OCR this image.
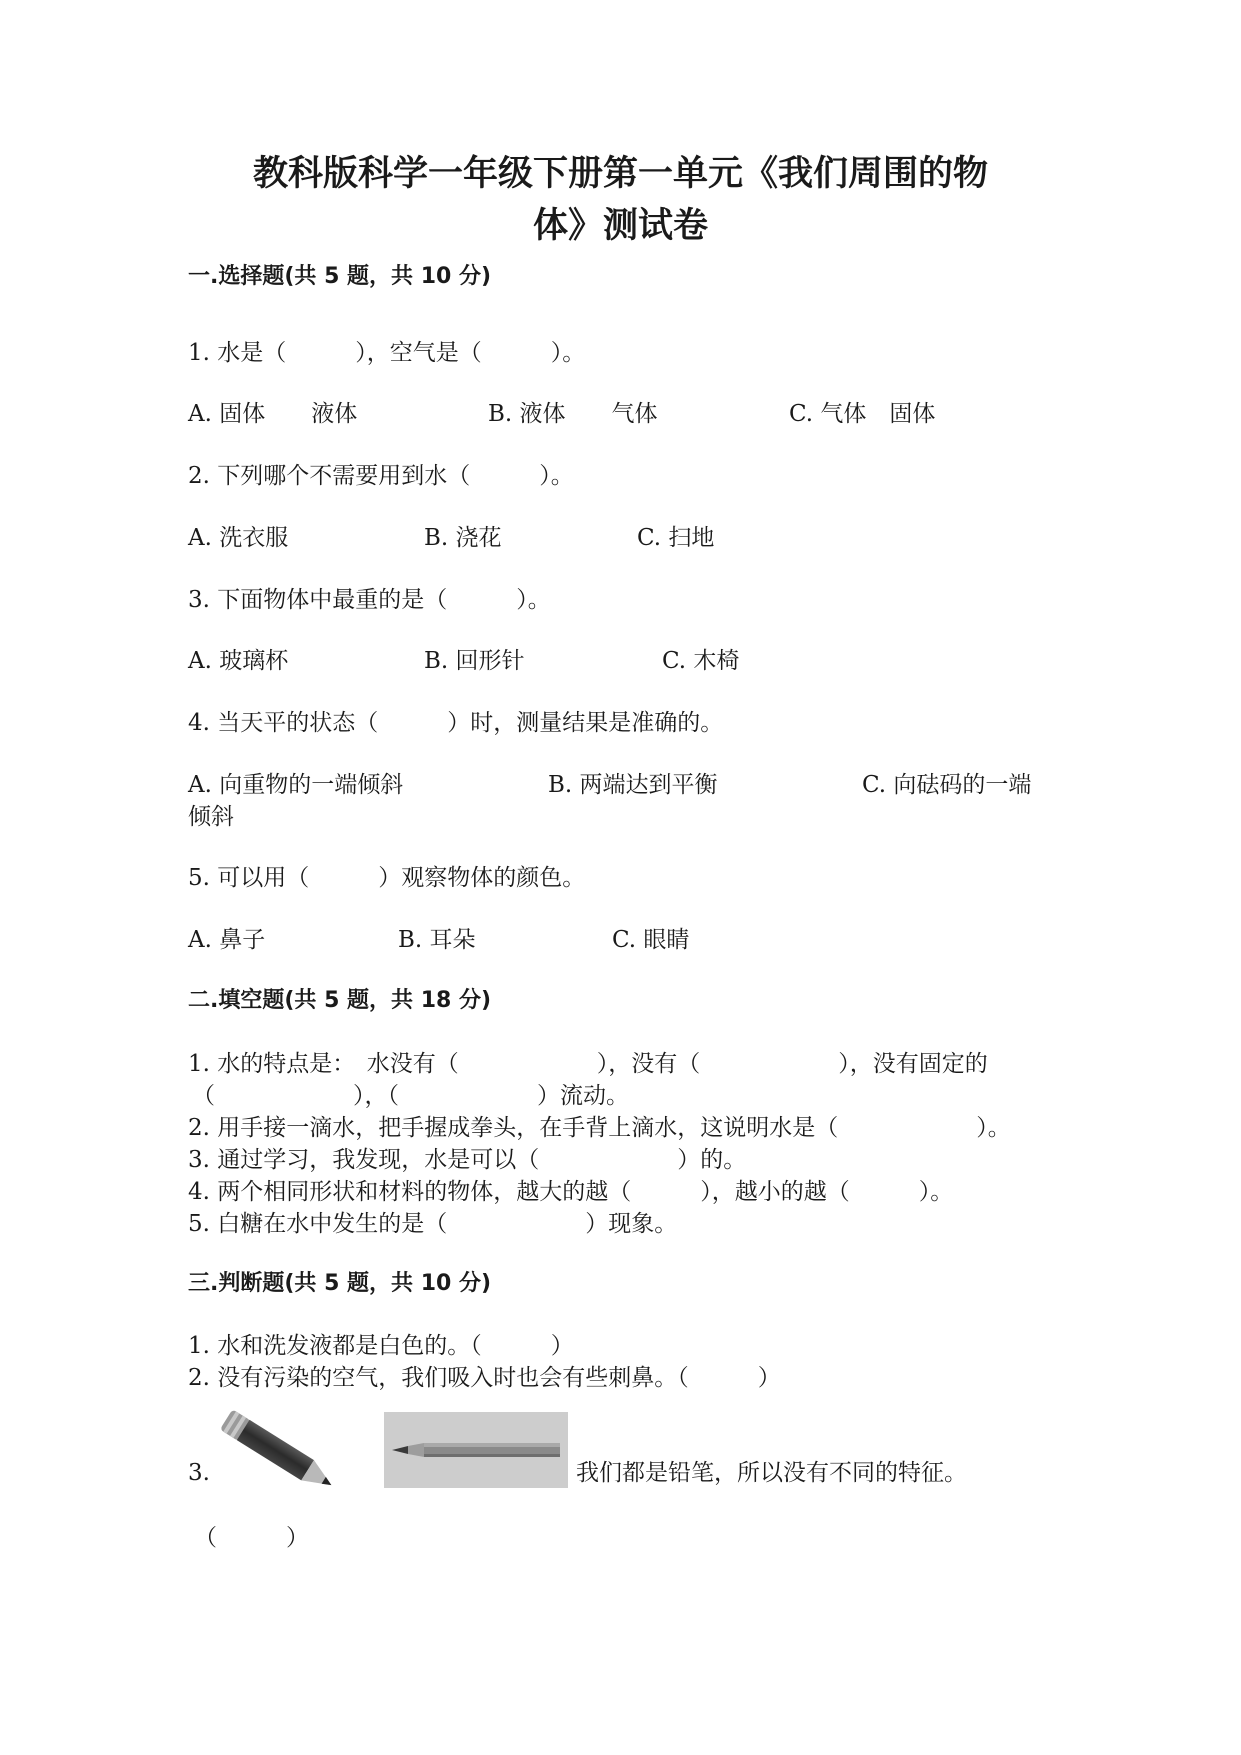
教科版科学一年级下册第一单元《我们周围的物
体》测试卷
一.选择题(共 5 题，共 10 分)
1. 水是（　　　），空气是（　　　）。
A. 固体　　液体	B. 液体　　气体	C. 气体　固体
2. 下列哪个不需要用到水（　　　）。
A. 洗衣服	B. 浇花	C. 扫地
3. 下面物体中最重的是（　　　）。
A. 玻璃杯	B. 回形针	C. 木椅
4. 当天平的状态（　　　）时，测量结果是准确的。
A. 向重物的一端倾斜	B. 两端达到平衡	C. 向砝码的一端
倾斜
5. 可以用（　　　）观察物体的颜色。
A. 鼻子	B. 耳朵	C. 眼睛
二.填空题(共 5 题，共 18 分)
1. 水的特点是：　水没有（　　　　　　），没有（　　　　　　），没有固定的
（　　　　　　），（　　　　　　）流动。
2. 用手接一滴水，把手握成拳头，在手背上滴水，这说明水是（　　　　　　）。
3. 通过学习，我发现，水是可以（　　　　　　）的。
4. 两个相同形状和材料的物体，越大的越（　　　），越小的越（　　　）。
5. 白糖在水中发生的是（　　　　　　）现象。
三.判断题(共 5 题，共 10 分)
1. 水和洗发液都是白色的。（　　　）
2. 没有污染的空气，我们吸入时也会有些刺鼻。（　　　）
3.	我们都是铅笔，所以没有不同的特征。
（　　　）
